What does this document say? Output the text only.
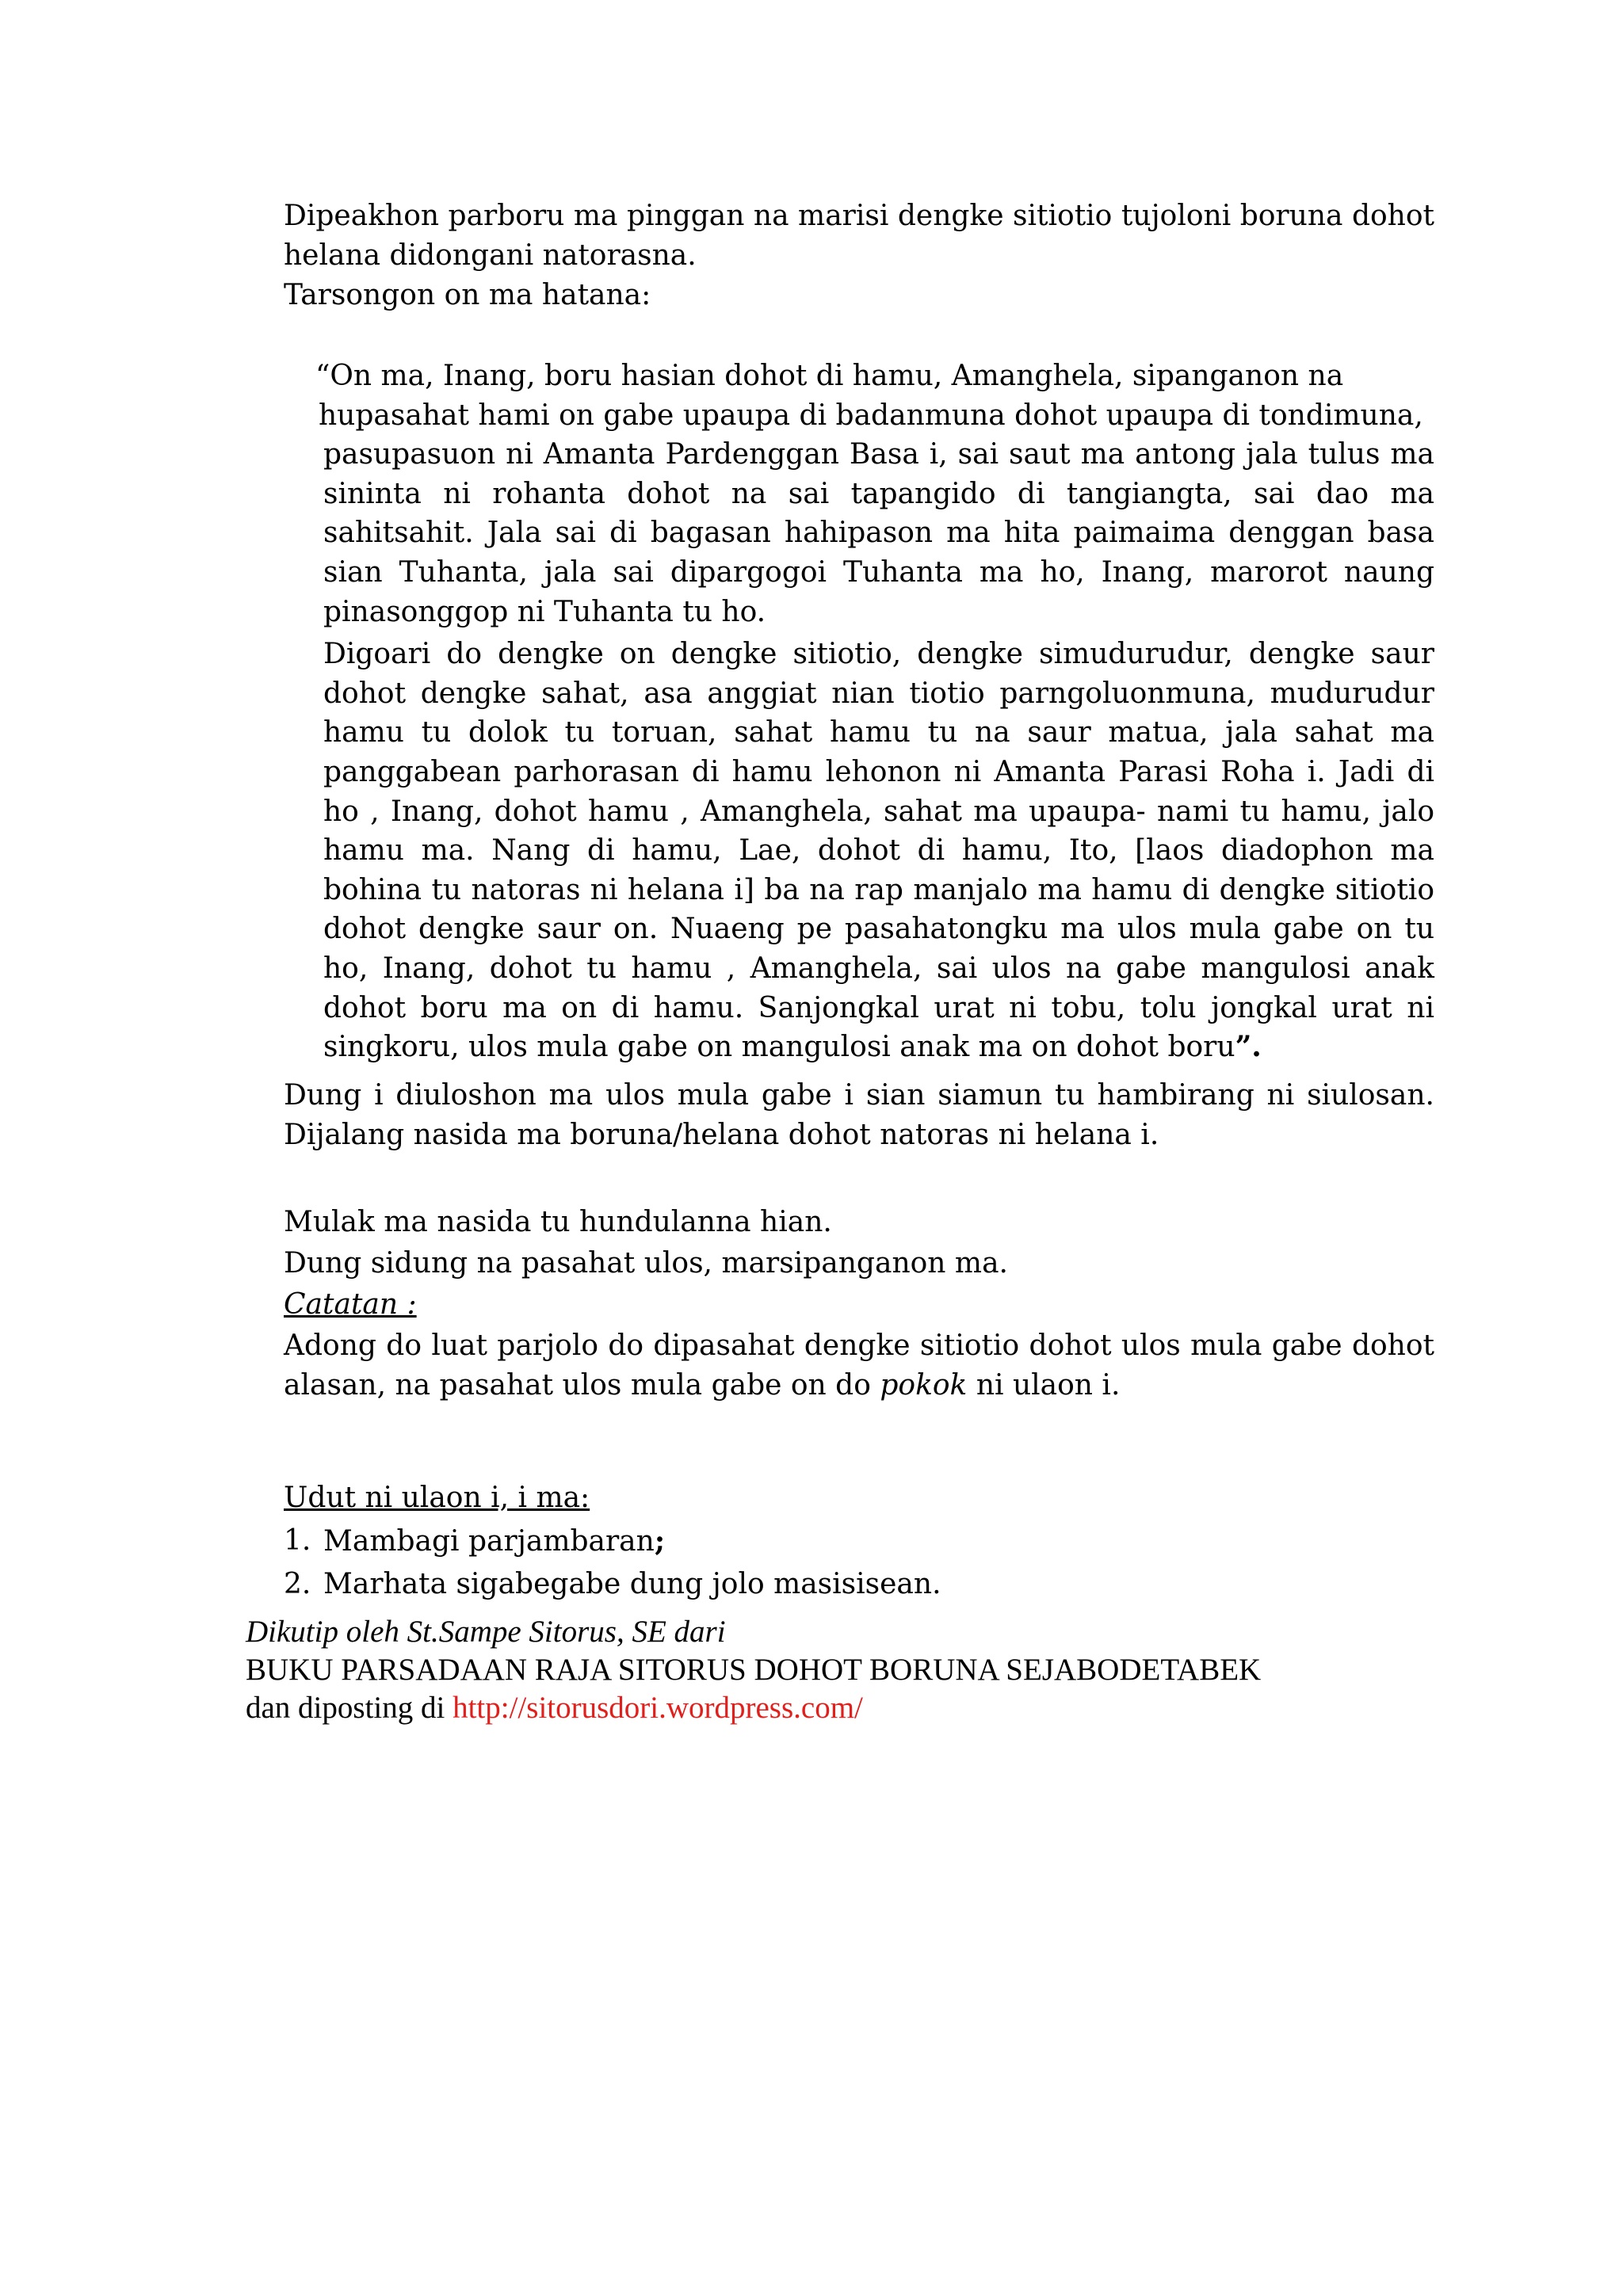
Dipeakhon parboru ma pinggan na marisi dengke sitiotio tujoloni boruna dohot helana didongani natorasna.

Tarsongon on ma hatana:

“On ma, Inang, boru hasian dohot di hamu, Amanghela, sipanganon na

hupasahat hami on gabe upaupa di badanmuna dohot upaupa di tondimuna,

pasupasuon ni Amanta Pardenggan Basa i, sai saut ma antong jala tulus ma sininta ni rohanta dohot na sai tapangido di tangiangta, sai dao ma sahitsahit. Jala sai di bagasan hahipason ma hita paimaima denggan basa sian Tuhanta, jala sai dipargogoi Tuhanta ma ho, Inang, marorot naung pinasonggop ni Tuhanta tu ho.

Digoari do dengke on dengke sitiotio, dengke simudurudur, dengke saur dohot dengke sahat, asa anggiat nian tiotio parngoluonmuna, mudurudur hamu tu dolok tu toruan, sahat hamu tu na saur matua, jala sahat ma panggabean parhorasan di hamu lehonon ni Amanta Parasi Roha i. Jadi di ho , Inang, dohot hamu , Amanghela, sahat ma upaupa- nami tu hamu, jalo hamu ma. Nang di hamu, Lae, dohot di hamu, Ito, [laos diadophon ma bohina tu natoras ni helana i] ba na rap manjalo ma hamu di dengke sitiotio dohot dengke saur on. Nuaeng pe pasahatongku ma ulos mula gabe on tu ho, Inang, dohot tu hamu , Amanghela, sai ulos na gabe mangulosi anak dohot boru ma on di hamu. Sanjongkal urat ni tobu, tolu jongkal urat ni singkoru, ulos mula gabe on mangulosi anak ma on dohot boru”.

Dung i diuloshon ma ulos mula gabe i sian siamun tu hambirang ni siulosan. Dijalang nasida ma boruna/helana dohot natoras ni helana i.

Mulak ma nasida tu hundulanna hian.

Dung sidung na pasahat ulos, marsipanganon ma.

Catatan :

Adong do luat parjolo do dipasahat dengke sitiotio dohot ulos mula gabe dohot alasan, na pasahat ulos mula gabe on do pokok ni ulaon i.

Udut ni ulaon i, i ma:

1. Mambagi parjambaran;
2. Marhata sigabegabe dung jolo masisisean.

Dikutip oleh St.Sampe Sitorus, SE dari

BUKU PARSADAAN RAJA SITORUS DOHOT BORUNA SEJABODETABEK

dan diposting di http://sitorusdori.wordpress.com/
